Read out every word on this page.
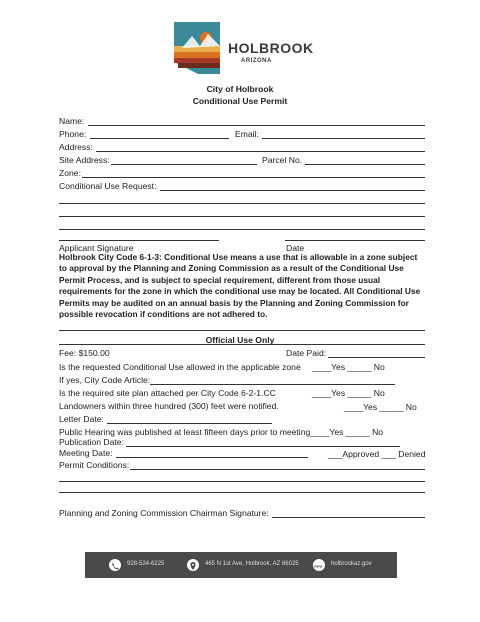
HOLBROOK
ARIZONA
City of Holbrook
Conditional Use Permit
Name:
Phone:	Email:
Address:
Site Address:	Parcel No.
Zone:
Conditional Use Request:
Applicant Signature	Date
Holbrook City Code 6-1-3: Conditional Use means a use that is allowable in a zone subject to approval by the Planning and Zoning Commission as a result of the Conditional Use Permit Process, and is subject to special requirement, different from those usual requirements for the zone in which the conditional use may be located. All Conditional Use Permits may be audited on an annual basis by the Planning and Zoning Commission for possible revocation if conditions are not adhered to.
Official Use Only
Fee: $150.00	Date Paid:
Is the requested Conditional Use allowed in the applicable zone ____Yes _____ No
If yes, City Code Article:
Is the required site plan attached per City Code 6-2-1.CC	____Yes _____ No
Landowners within three hundred (300) feet were notified.	____Yes _____ No
Letter Date:
Public Hearing was published at least fifteen days prior to meeting____Yes _____ No
Publication Date:
Meeting Date:	___Approved ___ Denied
Permit Conditions:
Planning and Zoning Commission Chairman Signature:
928-524-6225	465 N 1st Ave, Holbrook, AZ 86025	www holbrookaz.gov
